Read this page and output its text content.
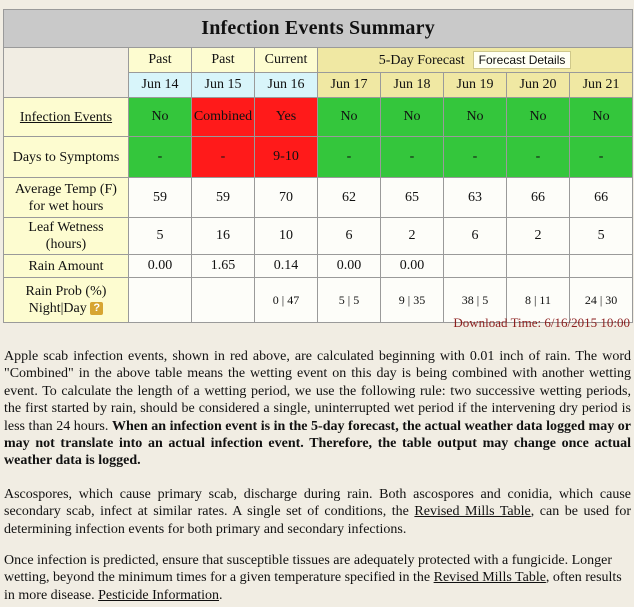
Infection Events Summary								
	Past	Past	Current	5-Day Forecast Forecast Details				
	Jun 14	Jun 15	Jun 16	Jun 17	Jun 18	Jun 19	Jun 20	Jun 21
Infection Events	No	Combined	Yes	No	No	No	No	No
Days to Symptoms	-	-	9-10	-	-	-	-	-
Average Temp (F)
for wet hours	59	59	70	62	65	63	66	66
Leaf Wetness
(hours)	5	16	10	6	2	6	2	5
Rain Amount	0.00	1.65	0.14	0.00	0.00			
Rain Prob (%)
Night|Day ?			0 | 47	5 | 5	9 | 35	38 | 5	8 | 11	24 | 30
Download Time: 6/16/2015 10:00
Apple scab infection events, shown in red above, are calculated beginning with 0.01 inch of rain. The word "Combined" in the above table means the wetting event on this day is being combined with another wetting event. To calculate the length of a wetting period, we use the following rule: two successive wetting periods, the first started by rain, should be considered a single, uninterrupted wet period if the intervening dry period is less than 24 hours. When an infection event is in the 5-day forecast, the actual weather data logged may or may not translate into an actual infection event. Therefore, the table output may change once actual weather data is logged.
Ascospores, which cause primary scab, discharge during rain. Both ascospores and conidia, which cause secondary scab, infect at similar rates. A single set of conditions, the Revised Mills Table, can be used for determining infection events for both primary and secondary infections.
Once infection is predicted, ensure that susceptible tissues are adequately protected with a fungicide. Longer wetting, beyond the minimum times for a given temperature specified in the Revised Mills Table, often results in more disease. Pesticide Information.
